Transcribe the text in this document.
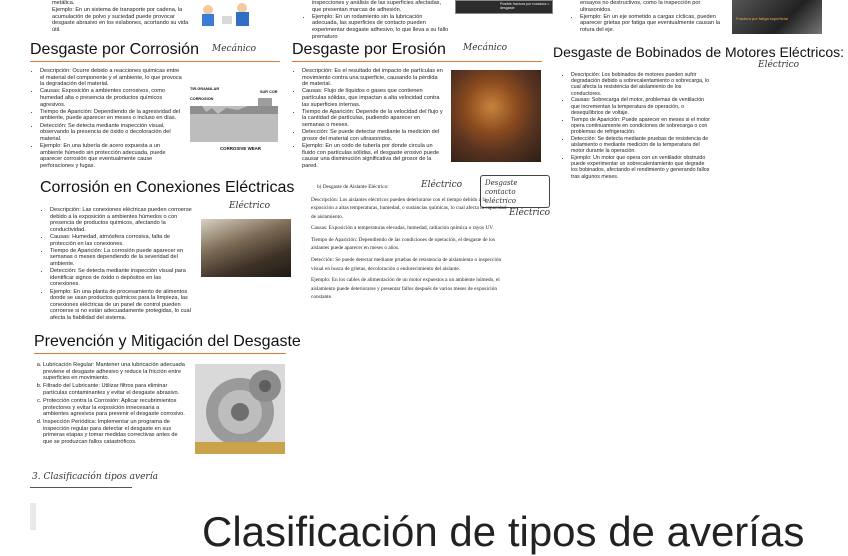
metálica.
Ejemplo: En un sistema de transporte por cadena, la acumulación de polvo y suciedad puede provocar desgaste abrasivo en los eslabones, acortando su vida útil.
inspecciones y análisis de las superficies afectadas, que presentan marcas de adhesión.
• Ejemplo: En un rodamiento sin la lubricación adecuada, las superficies de contacto pueden experimentar desgaste adhesivo, lo que lleva a su fallo prematuro
Posible fractura por rozadura = desgaste
ensayos no destructivos, como la inspección por ultrasonidos.
• Ejemplo: En un eje sometido a cargas cíclicas, pueden aparecer grietas por fatiga que eventualmente causan la rotura del eje.
Fractura por fatiga superficial
Desgaste por Corrosión Mecánico
• Descripción: Ocurre debido a reacciones químicas entre el material del componente y el ambiente, lo que provoca la degradación del material.
• Causas: Exposición a ambientes corrosivos, como humedad alta o presencia de productos químicos agresivos.
• Tiempo de Aparición: Dependiendo de la agresividad del ambiente, puede aparecer en meses o incluso en días.
• Detección: Se detecta mediante inspección visual, observando la presencia de óxido o decoloración del material.
• Ejemplo: En una tubería de acero expuesta a un ambiente húmedo sin protección adecuada, puede aparecer corrosión que eventualmente cause perforaciones y fugas.
TIR-GRANULAR
CORROSION
SUR COR
CORROSIVE WEAR
Desgaste por Erosión Mecánico
• Descripción: Es el resultado del impacto de partículas en movimiento contra una superficie, causando la pérdida de material.
• Causas: Flujo de líquidos o gases que contienen partículas sólidas, que impactan a alta velocidad contra las superficies internas.
• Tiempo de Aparición: Depende de la velocidad del flujo y la cantidad de partículas, pudiendo aparecer en semanas o meses.
• Detección: Se puede detectar mediante la medición del grosor del material con ultrasonidos.
• Ejemplo: En un codo de tubería por donde circula un fluido con partículas sólidas, el desgaste erosivo puede causar una disminución significativa del grosor de la pared.
Desgaste de Bobinados de Motores Eléctricos:
Eléctrico
• Descripción: Los bobinados de motores pueden sufrir degradación debido a sobrecalentamiento o sobrecarga, lo cual afecta la resistencia del aislamiento de los conductores.
• Causas: Sobrecarga del motor, problemas de ventilación que incrementan la temperatura de operación, o desequilibrios de voltaje.
• Tiempo de Aparición: Puede aparecer en meses si el motor opera continuamente en condiciones de sobrecarga o con problemas de refrigeración.
• Detección: Se detecta mediante pruebas de resistencia de aislamiento o mediante medición de la temperatura del motor durante la operación.
• Ejemplo: Un motor que opera con un ventilador obstruido puede experimentar un sobrecalentamiento que degrade los bobinados, afectando el rendimiento y generando fallos tras algunos meses.
Corrosión en Conexiones Eléctricas
Eléctrico
• Descripción: Las conexiones eléctricas pueden corroerse debido a la exposición a ambientes húmedos o con presencia de productos químicos, afectando la conductividad.
• Causas: Humedad, atmósfera corrosiva, falta de protección en las conexiones.
• Tiempo de Aparición: La corrosión puede aparecer en semanas o meses dependiendo de la severidad del ambiente.
• Detección: Se detecta mediante inspección visual para identificar signos de óxido o depósitos en las conexiones.
• Ejemplo: En una planta de procesamiento de alimentos donde se usan productos químicos para la limpieza, las conexiones eléctricas de un panel de control pueden corroerse si no están adecuadamente protegidas, lo cual afecta la fiabilidad del sistema.
b) Desgaste de Aislante Eléctrico:	Eléctrico	Desgaste contacto eléctrico
Eléctrico

Descripción: Los aislantes eléctricos pueden deteriorarse con el tiempo debido a la exposición a altas temperaturas, humedad, o sustancias químicas, lo cual afecta la capacidad de aislamiento.

Causas: Exposición a temperaturas elevadas, humedad, radiación química o rayos UV.

Tiempo de Aparición: Dependiendo de las condiciones de operación, el desgaste de los aislantes puede aparecer en meses o años.

Detección: Se puede detectar mediante pruebas de resistencia de aislamiento o inspección visual en busca de grietas, decoloración o endurecimiento del aislante.

Ejemplo: En los cables de alimentación de un motor expuestos a un ambiente húmedo, el aislamiento puede deteriorarse y presentar fallos después de varios meses de exposición constante.

Prevención y Mitigación del Desgaste
a. Lubricación Regular: Mantener una lubricación adecuada previene el desgaste adhesivo y reduce la fricción entre superficies en movimiento.
b. Filtrado del Lubricante: Utilizar filtros para eliminar partículas contaminantes y evitar el desgaste abrasivo.
c. Protección contra la Corrosión: Aplicar recubrimientos protectores y evitar la exposición innecesaria a ambientes agresivos para prevenir el desgaste corrosivo.
d. Inspección Periódica: Implementar un programa de inspección regular para detectar el desgaste en sus primeras etapas y tomar medidas correctivas antes de que se produzcan fallos catastróficos.
3. Clasificación tipos avería
Clasificación de tipos de averías
